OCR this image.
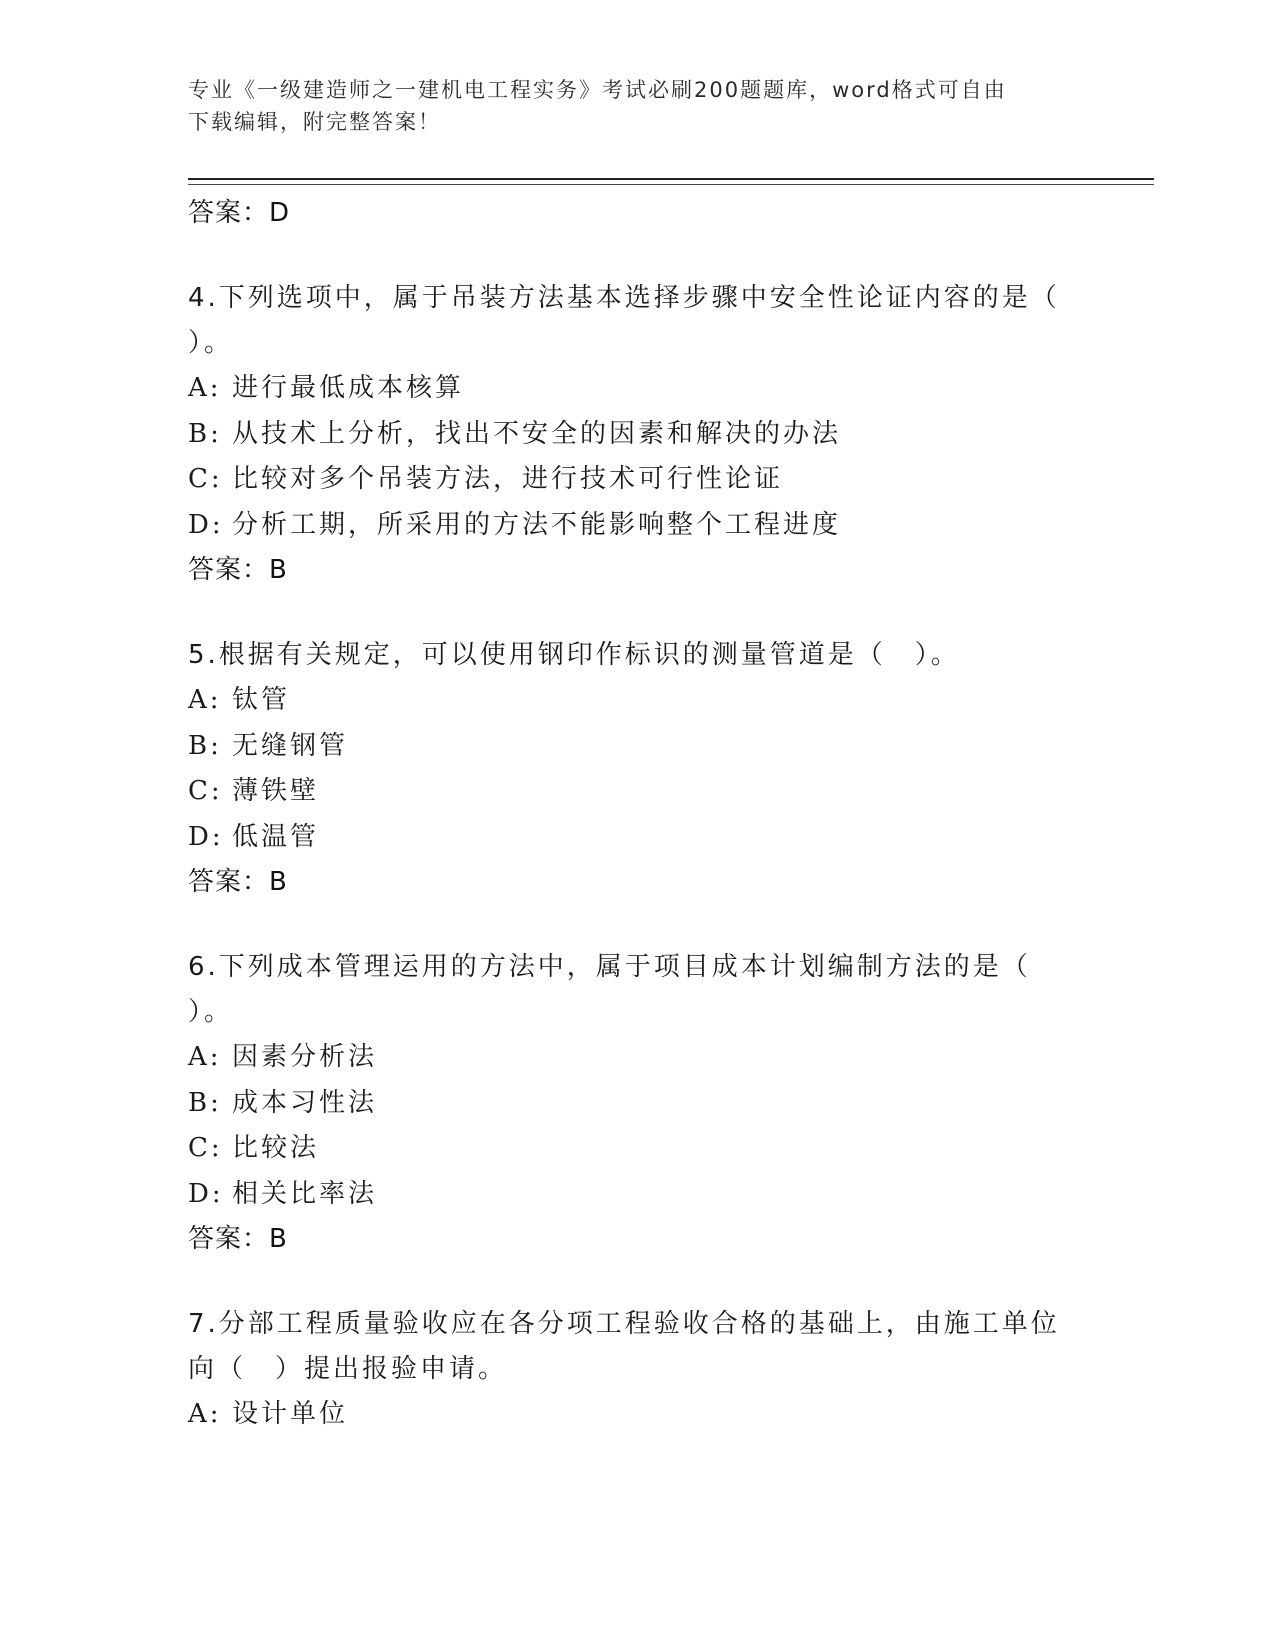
专业《一级建造师之一建机电工程实务》考试必刷200题题库，word格式可自由
下载编辑，附完整答案！
答案：D
4.下列选项中，属于吊装方法基本选择步骤中安全性论证内容的是（
）。
A: 进行最低成本核算
B: 从技术上分析，找出不安全的因素和解决的办法
C: 比较对多个吊装方法，进行技术可行性论证
D: 分析工期，所采用的方法不能影响整个工程进度
答案：B
5.根据有关规定，可以使用钢印作标识的测量管道是（　）。
A: 钛管
B: 无缝钢管
C: 薄铁壁
D: 低温管
答案：B
6.下列成本管理运用的方法中，属于项目成本计划编制方法的是（
）。
A: 因素分析法
B: 成本习性法
C: 比较法
D: 相关比率法
答案：B
7.分部工程质量验收应在各分项工程验收合格的基础上，由施工单位
向（　）提出报验申请。
A: 设计单位
